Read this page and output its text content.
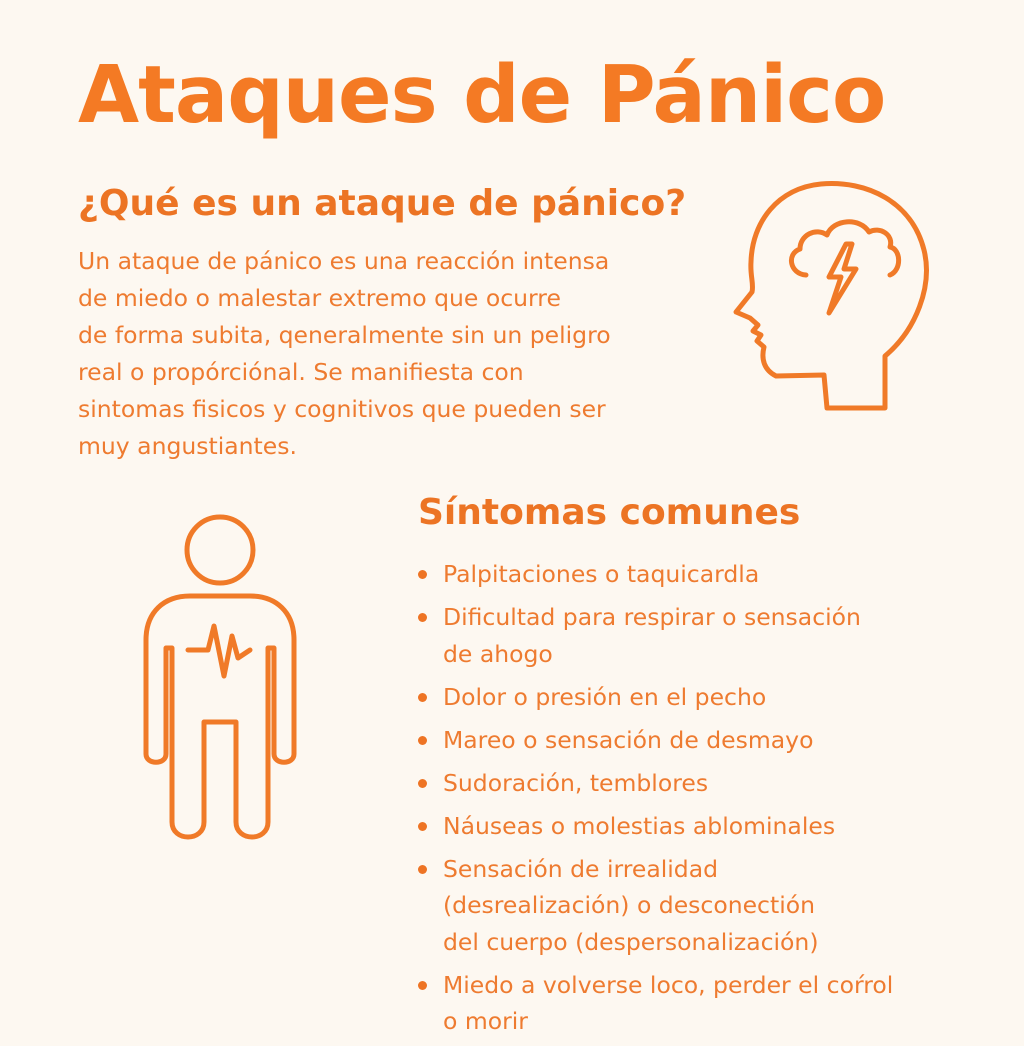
Ataques de Pánico
¿Qué es un ataque de pánico?

Un ataque de pánico es una reacción intensa
de miedo o malestar extremo que ocurre
de forma subita, qeneralmente sin un peligro
real o propórciónal. Se manifiesta con
sintomas fisicos y cognitivos que pueden ser
muy angustiantes.

Síntomas comunes
Palpitaciones o taquicardla
Dificultad para respirar o sensación
de ahogo
Dolor o presión en el pecho
Mareo o sensación de desmayo
Sudoración, temblores
Náuseas o molestias ablominales
Sensación de irrealidad
(desrealización) o desconectión
del cuerpo (despersonalización)
Miedo a volverse loco, perder el coŕrol
o morir
